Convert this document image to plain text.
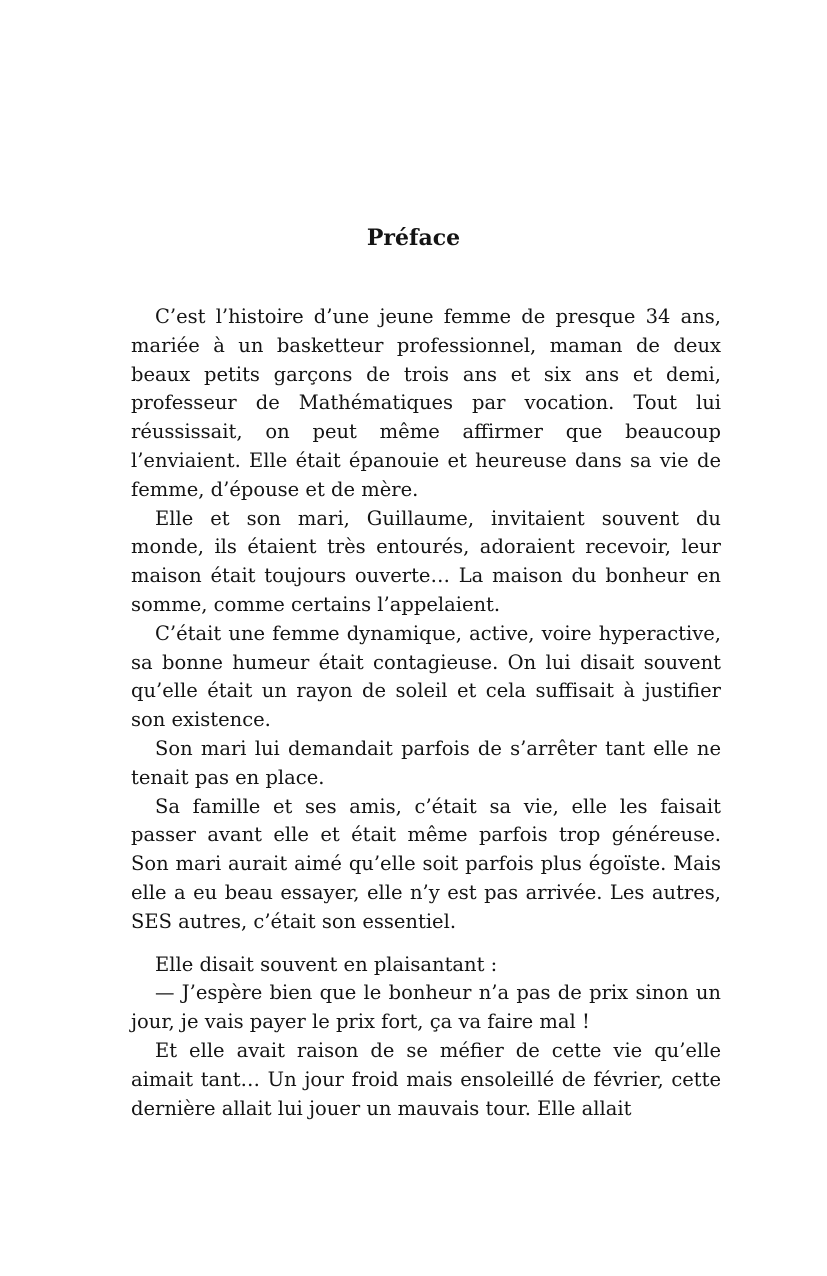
Préface

C’est l’histoire d’une jeune femme de presque 34 ans, mariée à un basketteur professionnel, maman de deux beaux petits garçons de trois ans et six ans et demi, professeur de Mathématiques par vocation. Tout lui réussissait, on peut même affirmer que beaucoup l’enviaient. Elle était épanouie et heureuse dans sa vie de femme, d’épouse et de mère.

Elle et son mari, Guillaume, invitaient souvent du monde, ils étaient très entourés, adoraient recevoir, leur maison était toujours ouverte… La maison du bonheur en somme, comme certains l’appelaient.

C’était une femme dynamique, active, voire hyperactive, sa bonne humeur était contagieuse. On lui disait souvent qu’elle était un rayon de soleil et cela suffisait à justifier son existence.

Son mari lui demandait parfois de s’arrêter tant elle ne tenait pas en place.

Sa famille et ses amis, c’était sa vie, elle les faisait passer avant elle et était même parfois trop généreuse. Son mari aurait aimé qu’elle soit parfois plus égoïste. Mais elle a eu beau essayer, elle n’y est pas arrivée. Les autres, SES autres, c’était son essentiel.

Elle disait souvent en plaisantant :

— J’espère bien que le bonheur n’a pas de prix sinon un jour, je vais payer le prix fort, ça va faire mal !

Et elle avait raison de se méfier de cette vie qu’elle aimait tant… Un jour froid mais ensoleillé de février, cette dernière allait lui jouer un mauvais tour. Elle allait
